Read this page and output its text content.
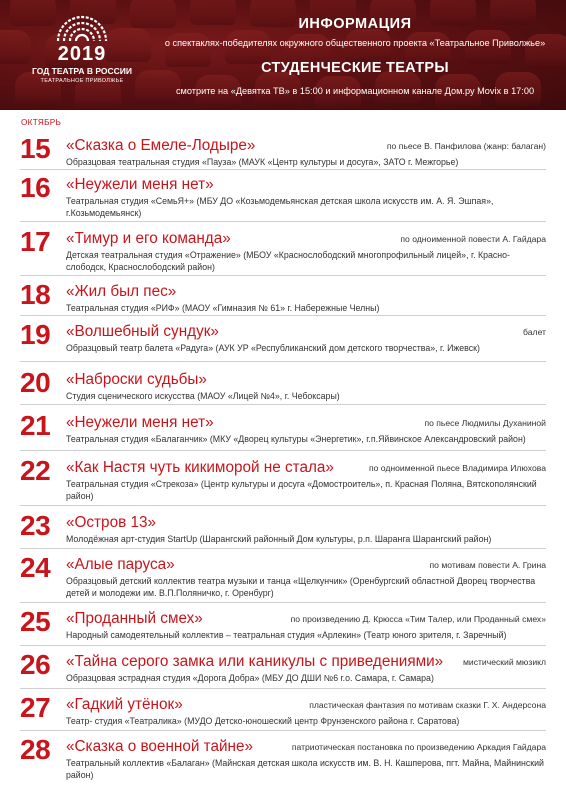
2019
ГОД ТЕАТРА В РОССИИ
ТЕАТРАЛЬНОЕ ПРИВОЛЖЬЕ
ИНФОРМАЦИЯ
о спектаклях-победителях окружного общественного проекта «Театральное Приволжье»
СТУДЕНЧЕСКИЕ ТЕАТРЫ
смотрите на «Девятка ТВ» в 15:00 и информационном канале Дом.ру Movix в 17:00
ОКТЯБРЬ
15	«Сказка о Емеле-Лодыре»	по пьесе В. Панфилова (жанр: балаган)
Образцовая театральная студия «Пауза» (МАУК «Центр культуры и досуга», ЗАТО г. Межгорье)
16	«Неужели меня нет»
Театральная студия «СемьЯ+» (МБУ ДО «Козьмодемьянская детская школа искусств им. А. Я. Эшпая», г.Козьмодемьянск)
17	«Тимур и его команда»	по одноименной повести А. Гайдара
Детская театральная студия «Отражение» (МБОУ «Краснослободский многопрофильный лицей», г. Красно-слободск, Краснослободский район)
18	«Жил был пес»
Театральная студия «РИФ» (МАОУ «Гимназия № 61» г. Набережные Челны)
19	«Волшебный сундук»	балет
Образцовый театр балета «Радуга» (АУК УР «Республиканский дом детского творчества», г. Ижевск)
20	«Наброски судьбы»
Студия сценического искусства (МАОУ «Лицей №4», г. Чебоксары)
21	«Неужели меня нет»	по пьесе Людмилы Духаниной
Театральная студия «Балаганчик» (МКУ «Дворец культуры «Энергетик», г.п.Яйвинское Александровский район)
22	«Как Настя чуть кикиморой не стала»	по одноименной пьесе Владимира Илюхова
Театральная студия «Стрекоза» (Центр культуры и досуга «Домостроитель», п. Красная Поляна, Вятскополянский район)
23	«Остров 13»
Молодёжная арт-студия StartUp (Шарангский районный Дом культуры, р.п. Шаранга Шарангский район)
24	«Алые паруса»	по мотивам повести А. Грина
Образцовый детский коллектив театра музыки и танца «Щелкунчик» (Оренбургский областной Дворец творчества детей и молодежи им. В.П.Поляничко, г. Оренбург)
25	«Проданный смех»	по произведению Д. Крюсса «Тим Талер, или Проданный смех»
Народный самодеятельный коллектив – театральная студия «Арлекин» (Театр юного зрителя, г. Заречный)
26	«Тайна серого замка или каникулы с приведениями» мистический мюзикл
Образцовая эстрадная студия «Дорога Добра» (МБУ ДО ДШИ №6 г.о. Самара, г. Самара)
27	«Гадкий утёнок»	пластическая фантазия по мотивам сказки Г. Х. Андерсона
Театр- студия «Театралика» (МУДО Детско-юношеский центр Фрунзенского района г. Саратова)
28	«Сказка о военной тайне»	патриотическая постановка по произведению Аркадия Гайдара
Театральный коллектив «Балаган» (Майнская детская школа искусств им. В. Н. Кашперова, пгт. Майна, Майнинский район)
